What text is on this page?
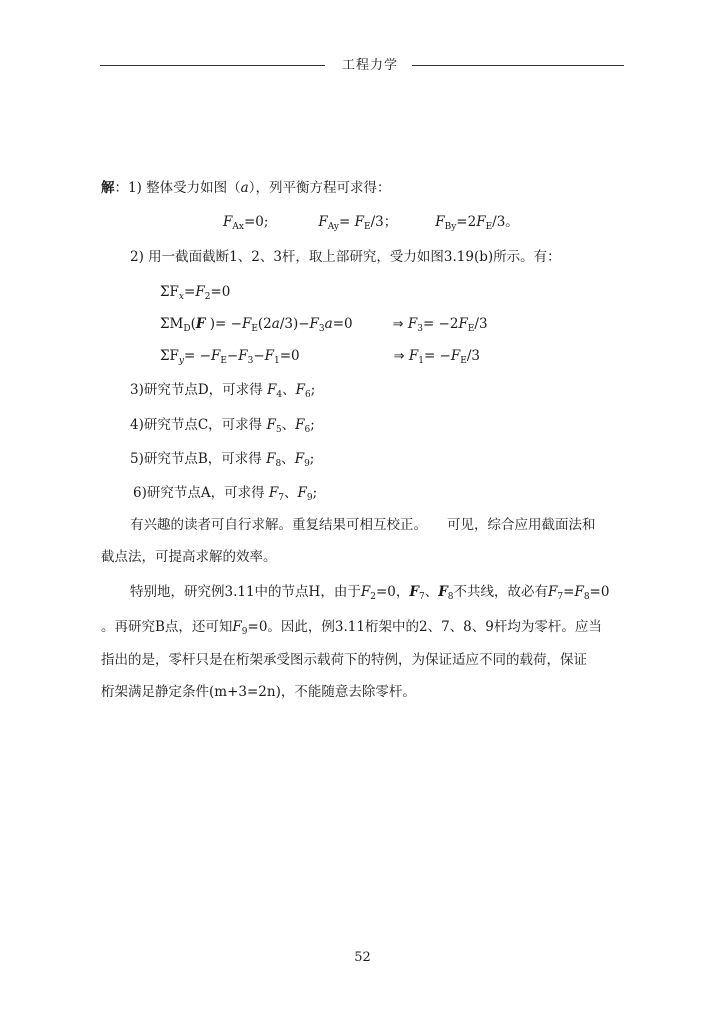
工程力学
解：1) 整体受力如图（a），列平衡方程可求得：
$F_{Ax}=0$;	$F_{Ay}= F_E/3$；	$F_{By}=2F_E/3$。
2) 用一截面截断1、2、3杆，取上部研究，受力如图3.19(b)所示。有：
$\Sigma F_x=F_2=0$
$\Sigma M_D(F$ )= $-F_E(2a/3)-F_3a=0$	⇒ $F_3= -2F_E/3$
$\Sigma F_y= -F_E-F_3-F_1=0$	⇒ $F_1= -F_E/3$
3)研究节点D，可求得 $F_4$、$F_6$;
4)研究节点C，可求得 $F_5$、$F_6$;
5)研究节点B，可求得 $F_8$、$F_9$;
6)研究节点A，可求得 $F_7$、$F_9$;
有兴趣的读者可自行求解。重复结果可相互校正。 可见，综合应用截面法和
截点法，可提高求解的效率。
特别地，研究例3.11中的节点H，由于$F_2=0$，$F_7$、$F_8$不共线，故必有$F_7=F_8=0$
。再研究B点，还可知$F_9=0$。因此，例3.11桁架中的2、7、8、9杆均为零杆。应当
指出的是，零杆只是在桁架承受图示载荷下的特例，为保证适应不同的载荷，保证
桁架满足静定条件(m+3=2n)，不能随意去除零杆。
52
